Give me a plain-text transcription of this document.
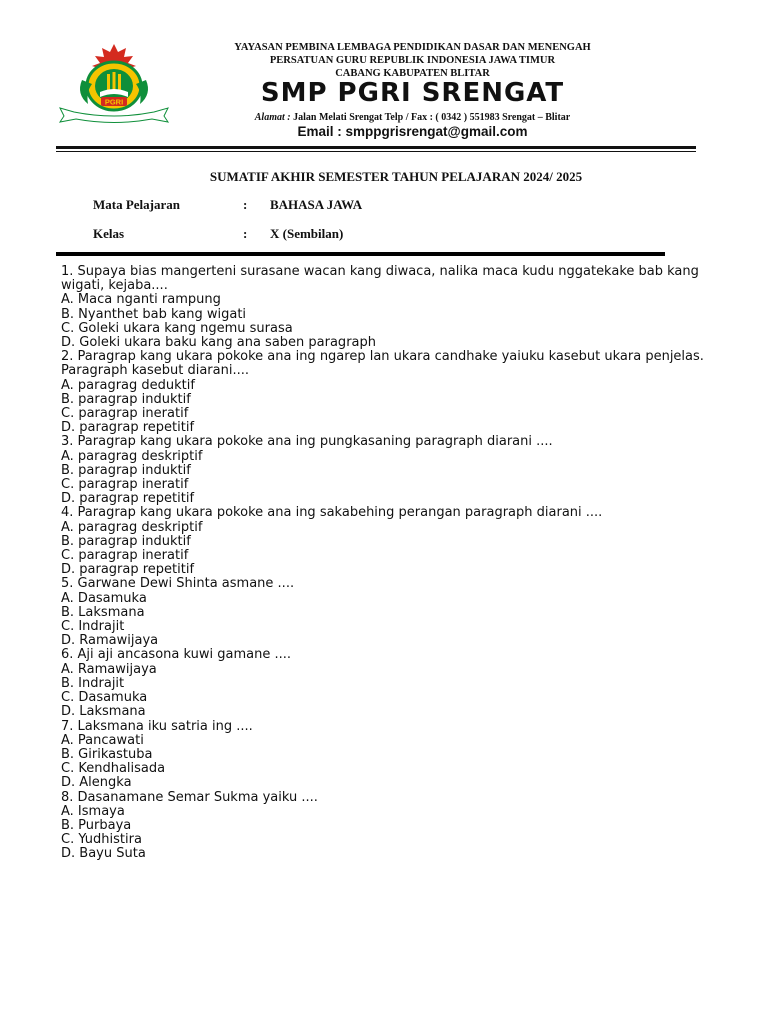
PGRI
YAYASAN PEMBINA LEMBAGA PENDIDIKAN DASAR DAN MENENGAH
PERSATUAN GURU REPUBLIK INDONESIA JAWA TIMUR
CABANG KABUPATEN BLITAR
SMP PGRI SRENGAT
Alamat : Jalan Melati Srengat Telp / Fax : ( 0342 ) 551983 Srengat – Blitar
Email : smppgrisrengat@gmail.com
SUMATIF AKHIR SEMESTER TAHUN PELAJARAN 2024/ 2025
Mata Pelajaran	: BAHASA JAWA
Kelas	: X (Sembilan)

1. Supaya bias mangerteni surasane wacan kang diwaca, nalika maca kudu nggatekake bab kang wigati, kejaba....

A. Maca nganti rampung

B. Nyanthet bab kang wigati

C. Goleki ukara kang ngemu surasa

D. Goleki ukara baku kang ana saben paragraph

2. Paragrap kang ukara pokoke ana ing ngarep lan ukara candhake yaiuku kasebut ukara penjelas. Paragraph kasebut diarani....

A. paragrag deduktif

B. paragrap induktif

C. paragrap ineratif

D. paragrap repetitif

3. Paragrap kang ukara pokoke ana ing pungkasaning paragraph diarani ....

A. paragrag deskriptif

B. paragrap induktif

C. paragrap ineratif

D. paragrap repetitif

4. Paragrap kang ukara pokoke ana ing sakabehing perangan paragraph diarani ....

A. paragrag deskriptif

B. paragrap induktif

C. paragrap ineratif

D. paragrap repetitif

5. Garwane Dewi Shinta asmane ....

A. Dasamuka

B. Laksmana

C. Indrajit

D. Ramawijaya

6. Aji aji ancasona kuwi gamane ....

A. Ramawijaya

B. Indrajit

C. Dasamuka

D. Laksmana

7. Laksmana iku satria ing ....

A. Pancawati

B. Girikastuba

C. Kendhalisada

D. Alengka

8. Dasanamane Semar Sukma yaiku ....

A. Ismaya

B. Purbaya

C. Yudhistira

D. Bayu Suta
